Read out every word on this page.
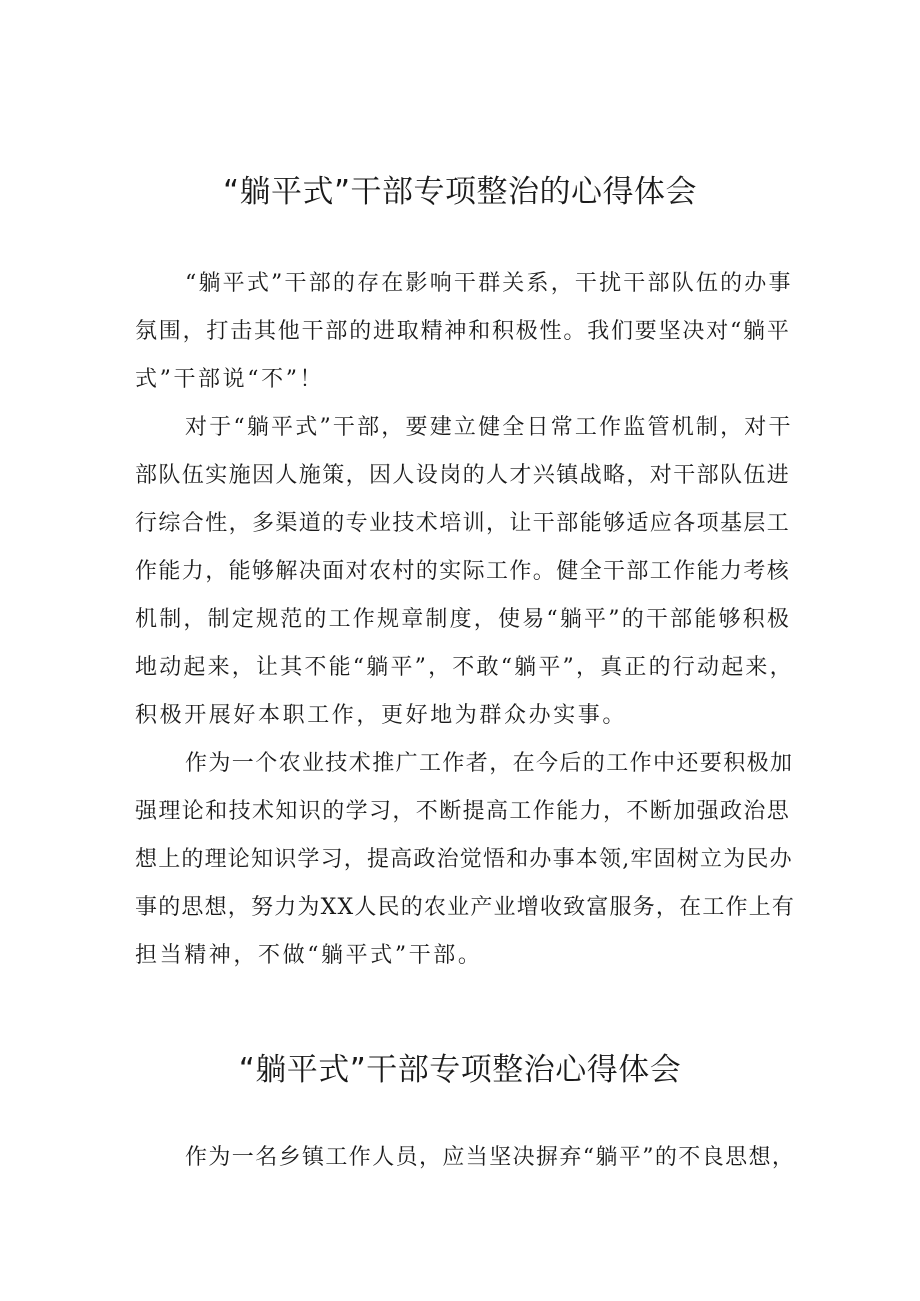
“躺平式”干部专项整治的心得体会

“躺平式”干部的存在影响干群关系，干扰干部队伍的办事
氛围，打击其他干部的进取精神和积极性。我们要坚决对“躺平
式”干部说“不”！

对于“躺平式”干部，要建立健全日常工作监管机制，对干
部队伍实施因人施策，因人设岗的人才兴镇战略，对干部队伍进
行综合性，多渠道的专业技术培训，让干部能够适应各项基层工
作能力，能够解决面对农村的实际工作。健全干部工作能力考核
机制，制定规范的工作规章制度，使易“躺平”的干部能够积极
地动起来，让其不能“躺平”，不敢“躺平”，真正的行动起来，
积极开展好本职工作，更好地为群众办实事。

作为一个农业技术推广工作者，在今后的工作中还要积极加
强理论和技术知识的学习，不断提高工作能力，不断加强政治思
想上的理论知识学习，提高政治觉悟和办事本领,牢固树立为民办
事的思想，努力为XX人民的农业产业增收致富服务，在工作上有
担当精神，不做“躺平式”干部。

“躺平式”干部专项整治心得体会

作为一名乡镇工作人员，应当坚决摒弃“躺平”的不良思想，
